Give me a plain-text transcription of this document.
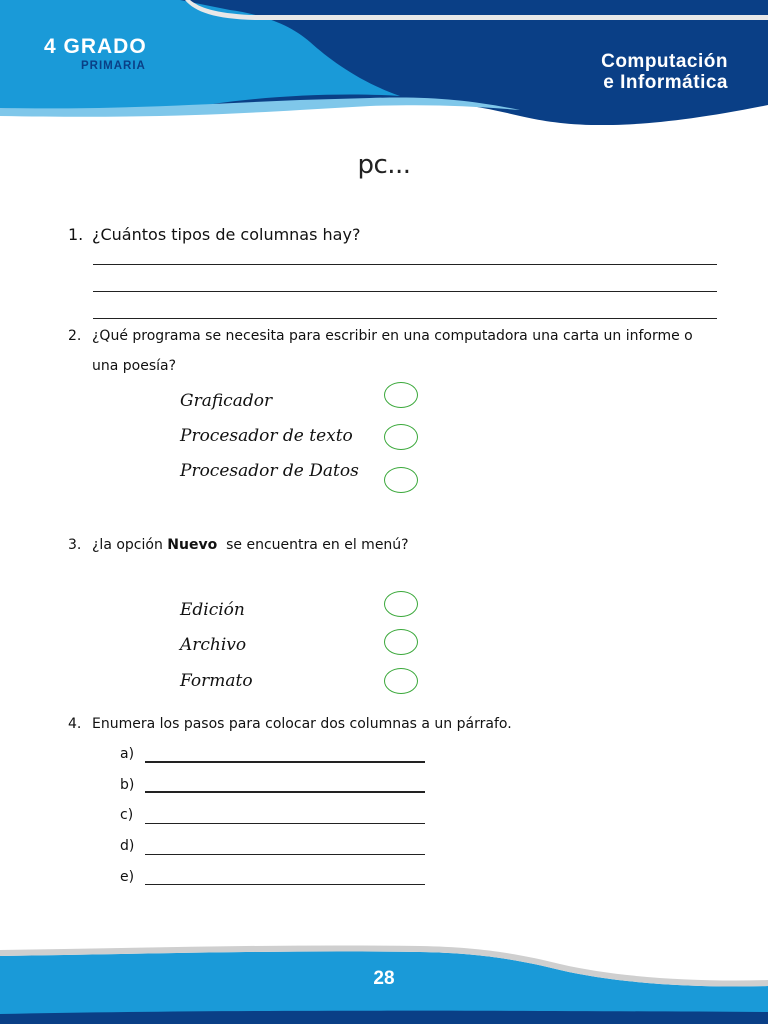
4 GRADO
PRIMARIA	Computación
e Informática
pc...
1. ¿Cuántos tipos de columnas hay?
2. ¿Qué programa se necesita para escribir en una computadora una carta un informe o
una poesía?
Graficador
Procesador de texto
Procesador de Datos
3. ¿la opción Nuevo  se encuentra en el menú?
Edición
Archivo
Formato
4. Enumera los pasos para colocar dos columnas a un párrafo.
a)
b)
c)
d)
e)
28
